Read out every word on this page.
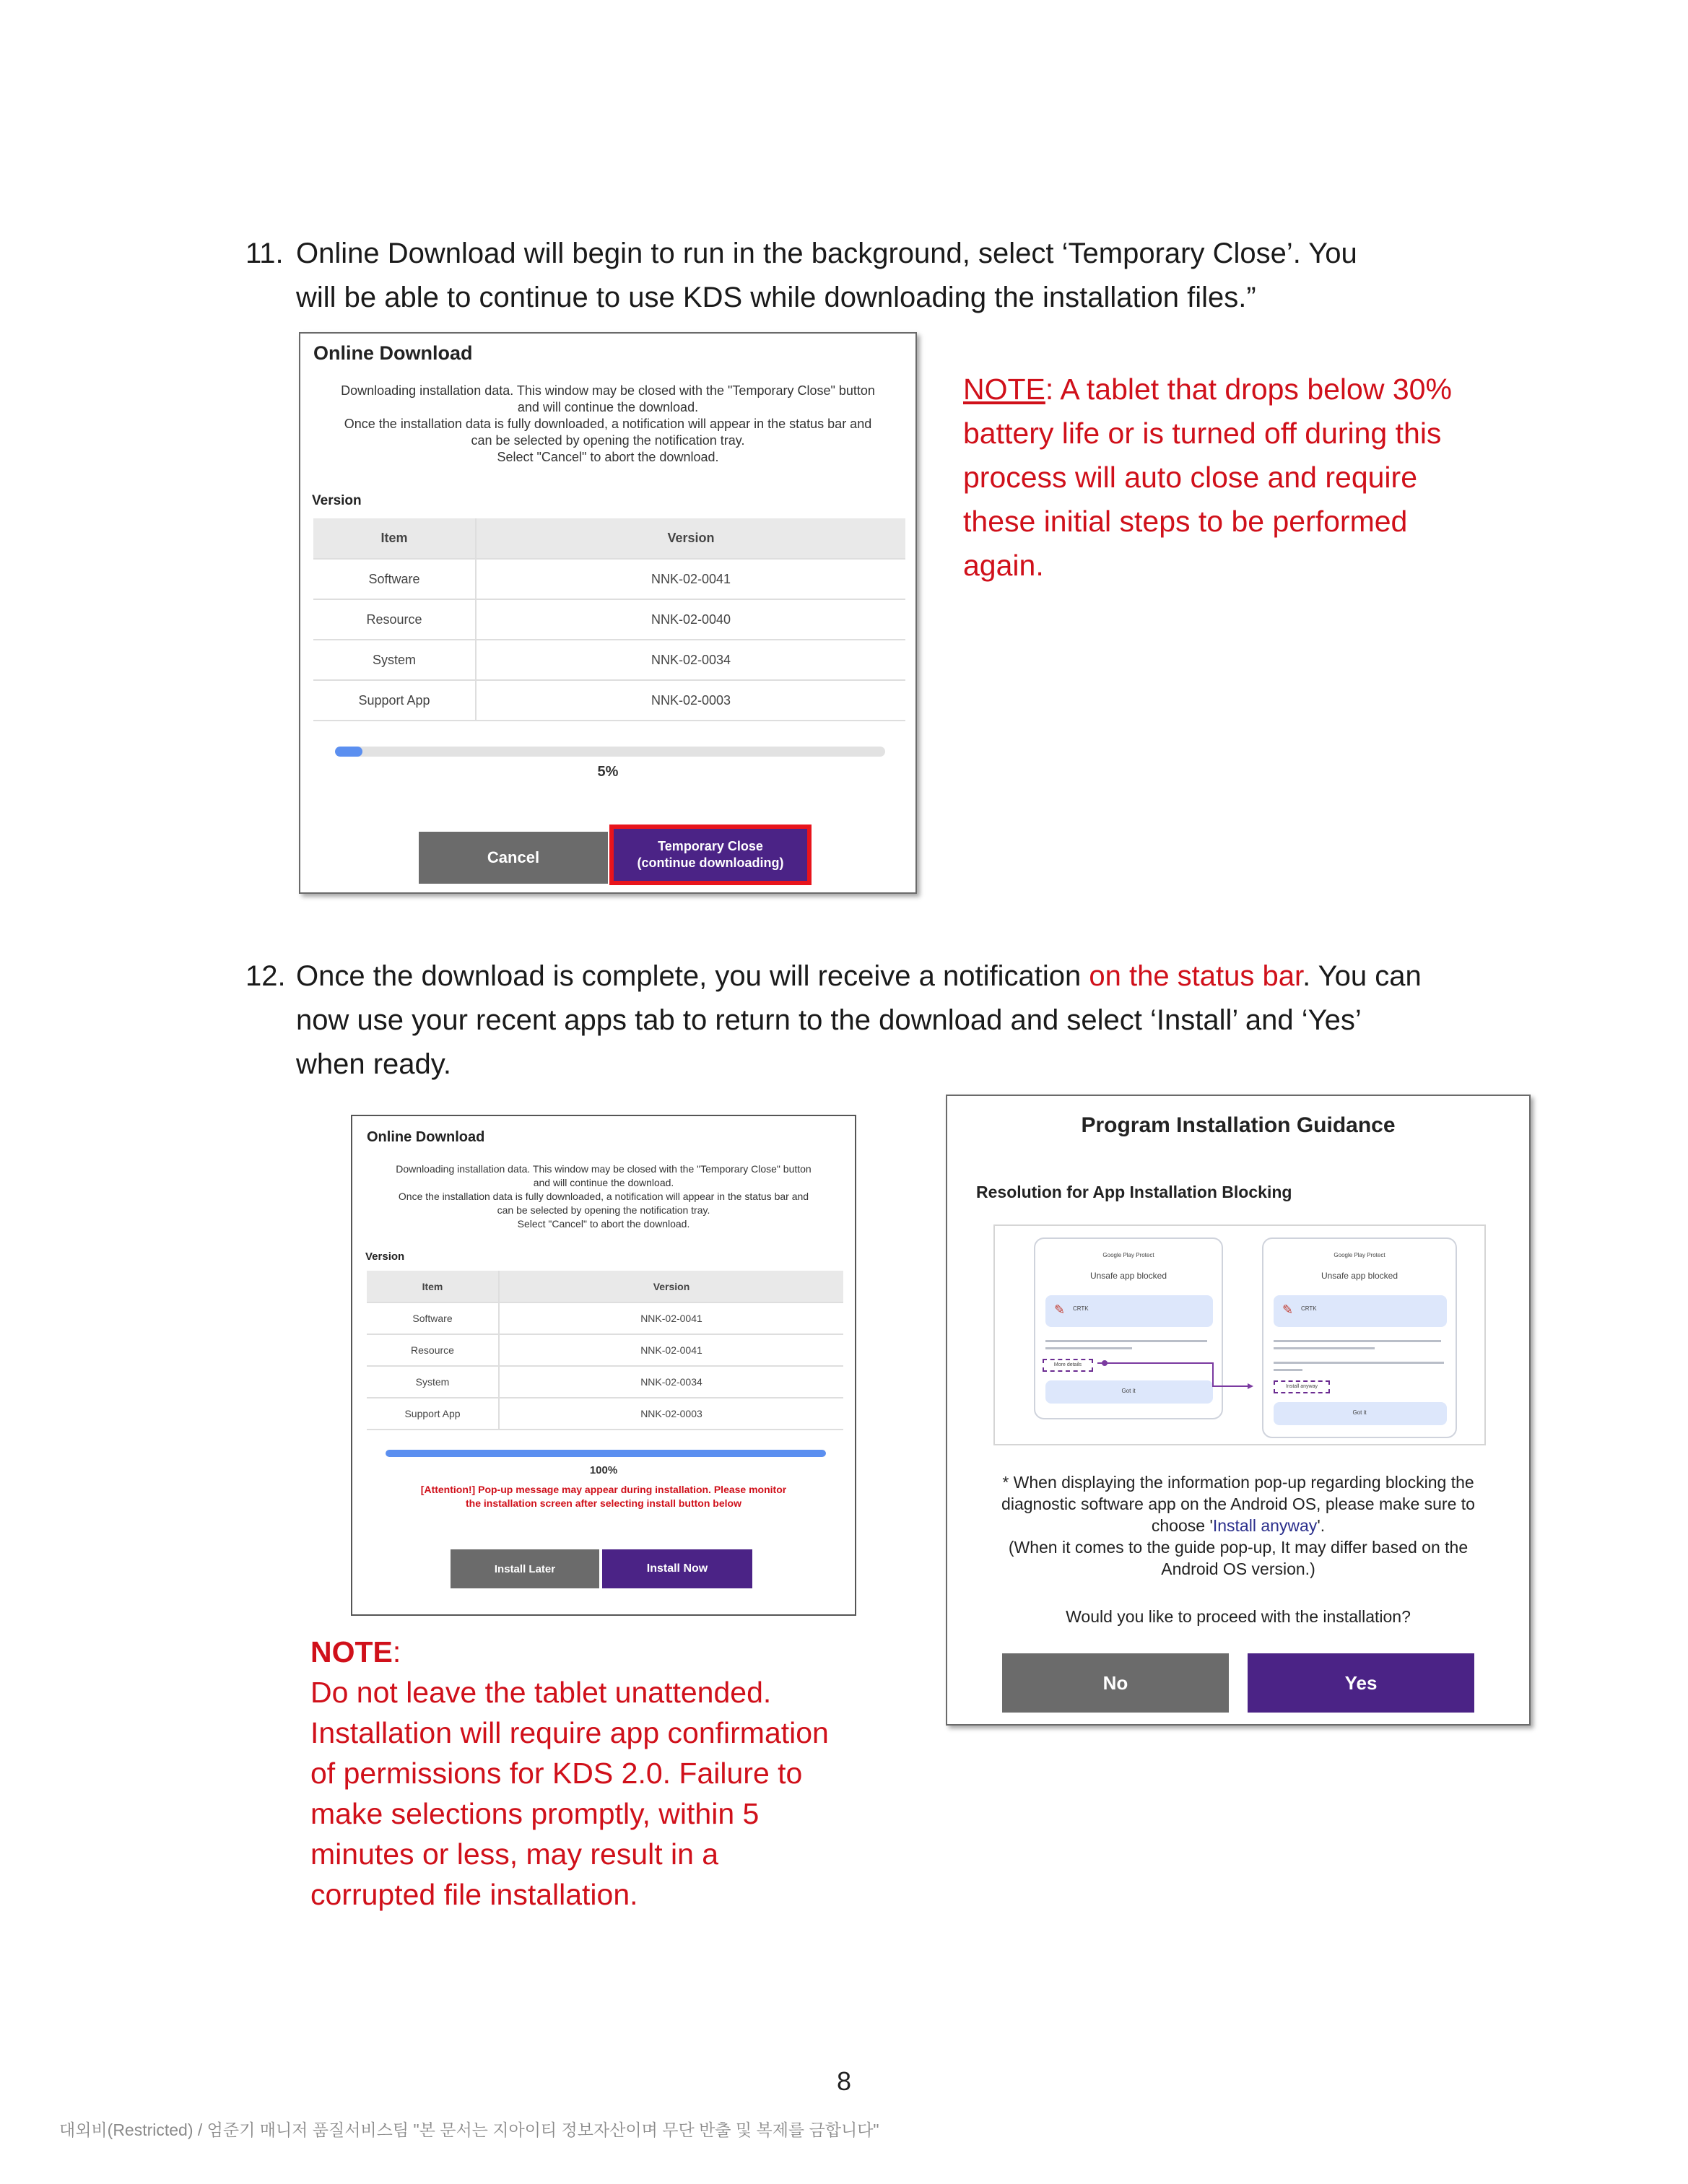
11. Online Download will begin to run in the background, select ‘Temporary Close’. You
will be able to continue to use KDS while downloading the installation files.”
Online Download
Downloading installation data. This window may be closed with the "Temporary Close" button
and will continue the download.
Once the installation data is fully downloaded, a notification will appear in the status bar and
can be selected by opening the notification tray.
Select "Cancel" to abort the download.
Version
Item	Version
Software	NNK-02-0041
Resource	NNK-02-0040
System	NNK-02-0034
Support App	NNK-02-0003
5%
Cancel
Temporary Close
(continue downloading)
NOTE: A tablet that drops below 30%
battery life or is turned off during this
process will auto close and require
these initial steps to be performed
again.
12. Once the download is complete, you will receive a notification on the status bar. You can
now use your recent apps tab to return to the download and select ‘Install’ and ‘Yes’
when ready.
Online Download
Downloading installation data. This window may be closed with the "Temporary Close" button
and will continue the download.
Once the installation data is fully downloaded, a notification will appear in the status bar and
can be selected by opening the notification tray.
Select "Cancel" to abort the download.
Version
Item	Version
Software	NNK-02-0041
Resource	NNK-02-0041
System	NNK-02-0034
Support App	NNK-02-0003
100%
[Attention!] Pop-up message may appear during installation. Please monitor
the installation screen after selecting install button below
Install Later	Install Now
NOTE:
Do not leave the tablet unattended.
Installation will require app confirmation
of permissions for KDS 2.0. Failure to
make selections promptly, within 5
minutes or less, may result in a
corrupted file installation.
Program Installation Guidance
Resolution for App Installation Blocking
Google Play Protect
Unsafe app blocked
✎ CRTK
More details
Got it
Google Play Protect
Unsafe app blocked
✎ CRTK
Install anyway
Got it
* When displaying the information pop-up regarding blocking the
diagnostic software app on the Android OS, please make sure to
choose 'Install anyway'.
(When it comes to the guide pop-up, It may differ based on the
Android OS version.)
Would you like to proceed with the installation?
No	Yes
8
대외비(Restricted) / 엄준기 매니저 품질서비스팀 "본 문서는 지아이티 정보자산이며 무단 반출 및 복제를 금합니다"
